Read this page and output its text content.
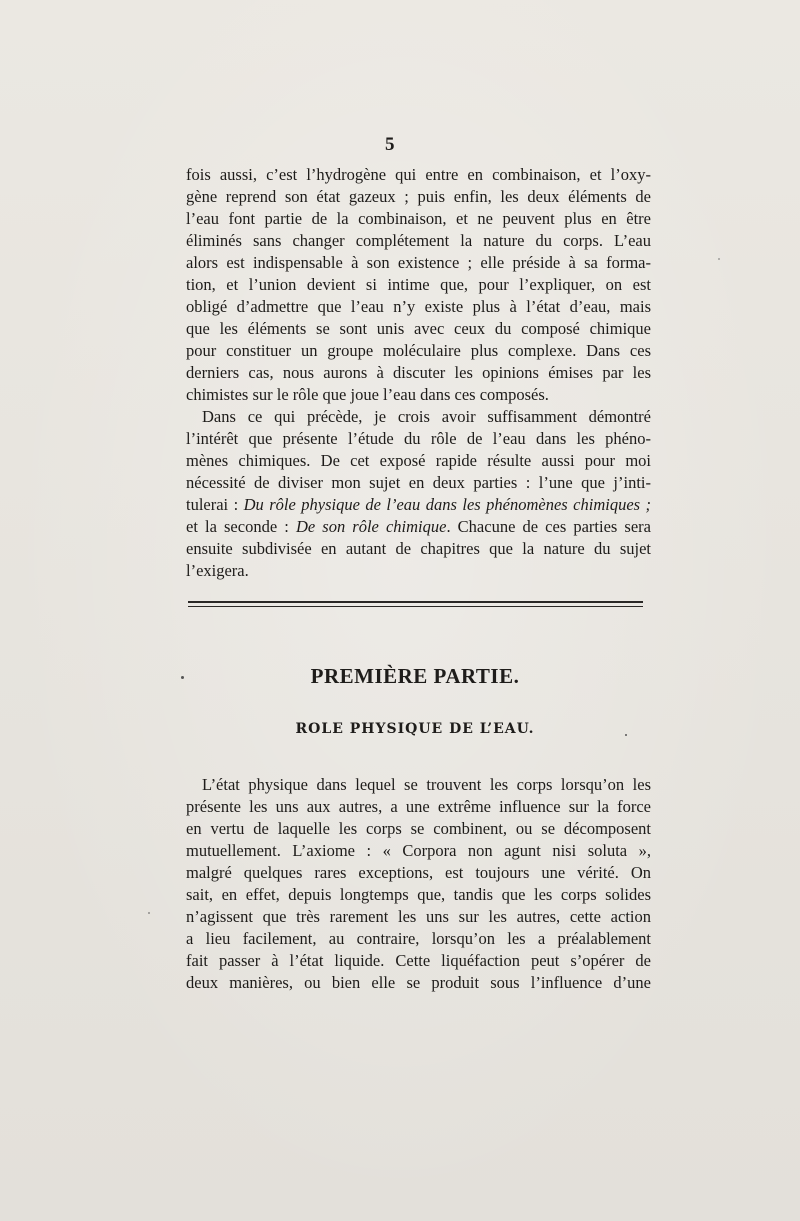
5

fois aussi, c’est l’hydrogène qui entre en combinaison, et l’oxy-

gène reprend son état gazeux ; puis enfin, les deux éléments de

l’eau font partie de la combinaison, et ne peuvent plus en être

éliminés sans changer complétement la nature du corps. L’eau

alors est indispensable à son existence ; elle préside à sa forma-

tion, et l’union devient si intime que, pour l’expliquer, on est

obligé d’admettre que l’eau n’y existe plus à l’état d’eau, mais

que les éléments se sont unis avec ceux du composé chimique

pour constituer un groupe moléculaire plus complexe. Dans ces

derniers cas, nous aurons à discuter les opinions émises par les

chimistes sur le rôle que joue l’eau dans ces composés.

Dans ce qui précède, je crois avoir suffisamment démontré

l’intérêt que présente l’étude du rôle de l’eau dans les phéno-

mènes chimiques. De cet exposé rapide résulte aussi pour moi

nécessité de diviser mon sujet en deux parties : l’une que j’inti-

tulerai : Du rôle physique de l’eau dans les phénomènes chimiques ;

et la seconde : De son rôle chimique. Chacune de ces parties sera

ensuite subdivisée en autant de chapitres que la nature du sujet

l’exigera.

PREMIÈRE PARTIE.
ROLE PHYSIQUE DE L’EAU.

L’état physique dans lequel se trouvent les corps lorsqu’on les

présente les uns aux autres, a une extrême influence sur la force

en vertu de laquelle les corps se combinent, ou se décomposent

mutuellement. L’axiome : « Corpora non agunt nisi soluta »,

malgré quelques rares exceptions, est toujours une vérité. On

sait, en effet, depuis longtemps que, tandis que les corps solides

n’agissent que très rarement les uns sur les autres, cette action

a lieu facilement, au contraire, lorsqu’on les a préalablement

fait passer à l’état liquide. Cette liquéfaction peut s’opérer de

deux manières, ou bien elle se produit sous l’influence d’une
